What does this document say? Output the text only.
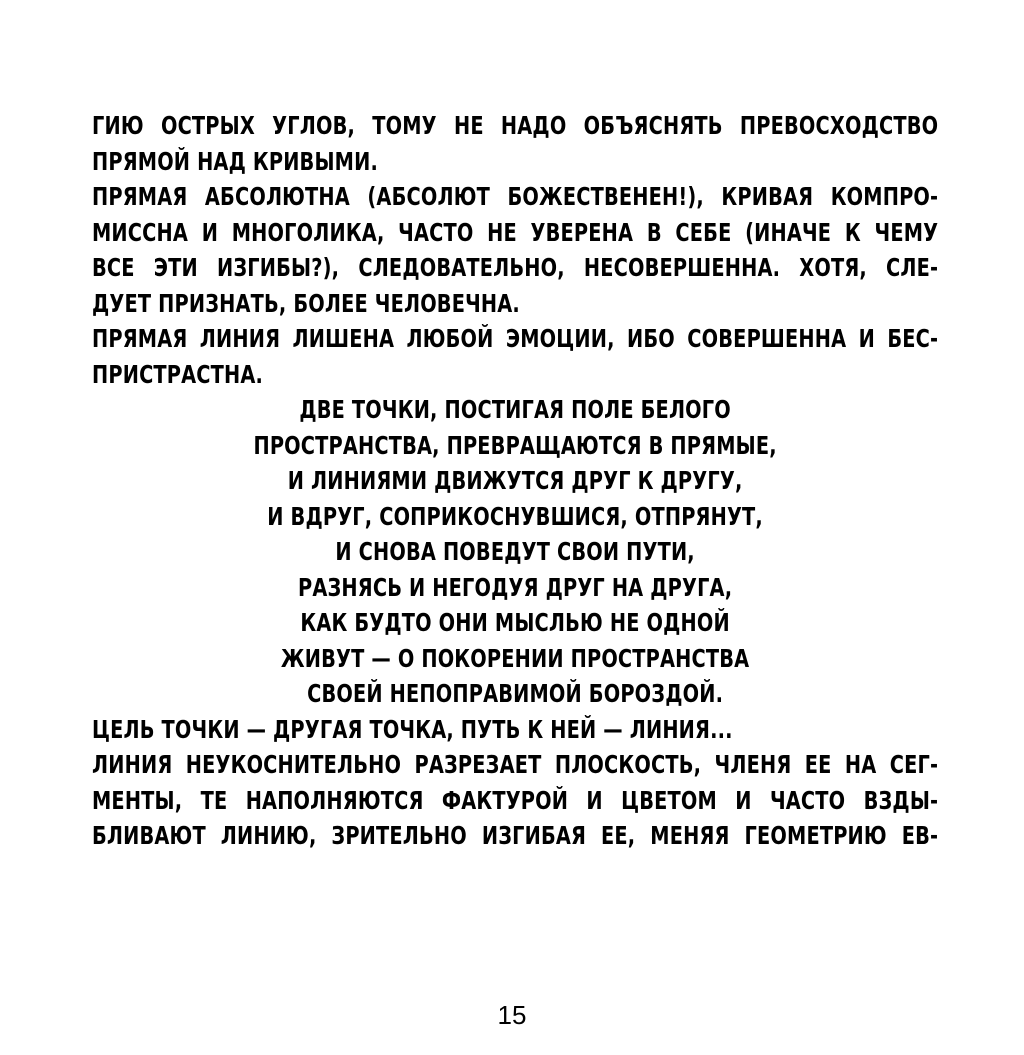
ГИЮ ОСТРЫХ УГЛОВ, ТОМУ НЕ НАДО ОБЪЯСНЯТЬ ПРЕВОСХОДСТВО
ПРЯМОЙ НАД КРИВЫМИ.
ПРЯМАЯ АБСОЛЮТНА (АБСОЛЮТ БОЖЕСТВЕНЕН!), КРИВАЯ КОМПРО-
МИССНА И МНОГОЛИКА, ЧАСТО НЕ УВЕРЕНА В СЕБЕ (ИНАЧЕ К ЧЕМУ
ВСЕ ЭТИ ИЗГИБЫ?), СЛЕДОВАТЕЛЬНО, НЕСОВЕРШЕННА. ХОТЯ, СЛЕ-
ДУЕТ ПРИЗНАТЬ, БОЛЕЕ ЧЕЛОВЕЧНА.
ПРЯМАЯ ЛИНИЯ ЛИШЕНА ЛЮБОЙ ЭМОЦИИ, ИБО СОВЕРШЕННА И БЕС-
ПРИСТРАСТНА.
ДВЕ ТОЧКИ, ПОСТИГАЯ ПОЛЕ БЕЛОГО
ПРОСТРАНСТВА, ПРЕВРАЩАЮТСЯ В ПРЯМЫЕ,
И ЛИНИЯМИ ДВИЖУТСЯ ДРУГ К ДРУГУ,
И ВДРУГ, СОПРИКОСНУВШИСЯ, ОТПРЯНУТ,
И СНОВА ПОВЕДУТ СВОИ ПУТИ,
РАЗНЯСЬ И НЕГОДУЯ ДРУГ НА ДРУГА,
КАК БУДТО ОНИ МЫСЛЬЮ НЕ ОДНОЙ
ЖИВУТ — О ПОКОРЕНИИ ПРОСТРАНСТВА
СВОЕЙ НЕПОПРАВИМОЙ БОРОЗДОЙ.
ЦЕЛЬ ТОЧКИ — ДРУГАЯ ТОЧКА, ПУТЬ К НЕЙ — ЛИНИЯ...
ЛИНИЯ НЕУКОСНИТЕЛЬНО РАЗРЕЗАЕТ ПЛОСКОСТЬ, ЧЛЕНЯ ЕЕ НА СЕГ-
МЕНТЫ, ТЕ НАПОЛНЯЮТСЯ ФАКТУРОЙ И ЦВЕТОМ И ЧАСТО ВЗДЫ-
БЛИВАЮТ ЛИНИЮ, ЗРИТЕЛЬНО ИЗГИБАЯ ЕЕ, МЕНЯЯ ГЕОМЕТРИЮ ЕВ-
15
